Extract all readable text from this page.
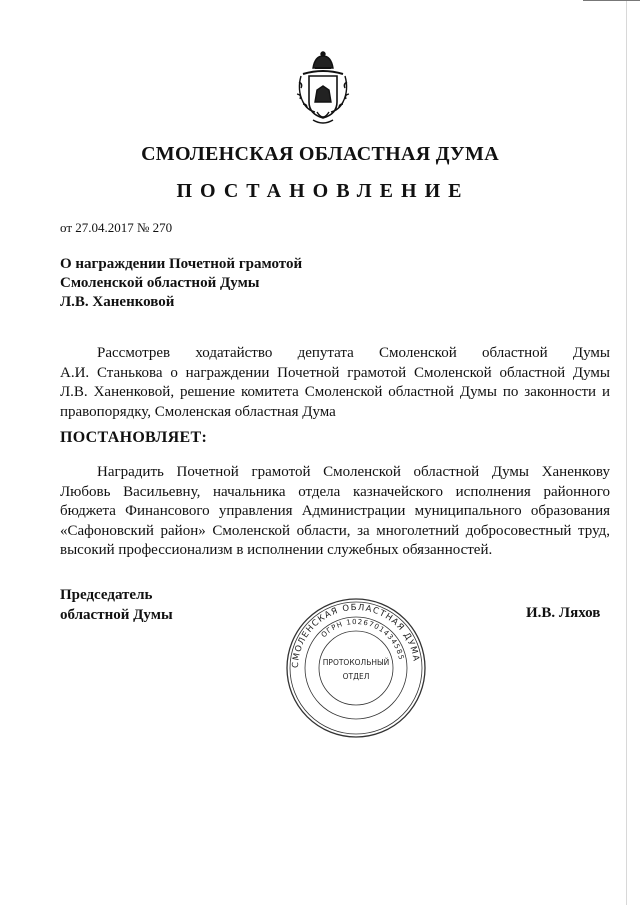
СМОЛЕНСКАЯ ОБЛАСТНАЯ ДУМА
ПОСТАНОВЛЕНИЕ
от 27.04.2017 № 270
О награждении Почетной грамотой
Смоленской областной Думы
Л.В. Ханенковой
Рассмотрев ходатайство депутата Смоленской областной Думы
А.И. Станькова о награждении Почетной грамотой Смоленской областной Думы
Л.В. Ханенковой, решение комитета Смоленской областной Думы по законности и
правопорядку, Смоленская областная Дума
ПОСТАНОВЛЯЕТ:
Наградить Почетной грамотой Смоленской областной Думы Ханенкову
Любовь Васильевну, начальника отдела казначейского исполнения районного
бюджета Финансового управления Администрации муниципального образования
«Сафоновский район» Смоленской области, за многолетний добросовестный труд,
высокий профессионализм в исполнении служебных обязанностей.
Председатель
областной Думы	И.В. Ляхов
СМОЛЕНСКАЯ ОБЛАСТНАЯ ДУМА
ОГРН 1026701434585
ПРОТОКОЛЬНЫЙ
ОТДЕЛ
